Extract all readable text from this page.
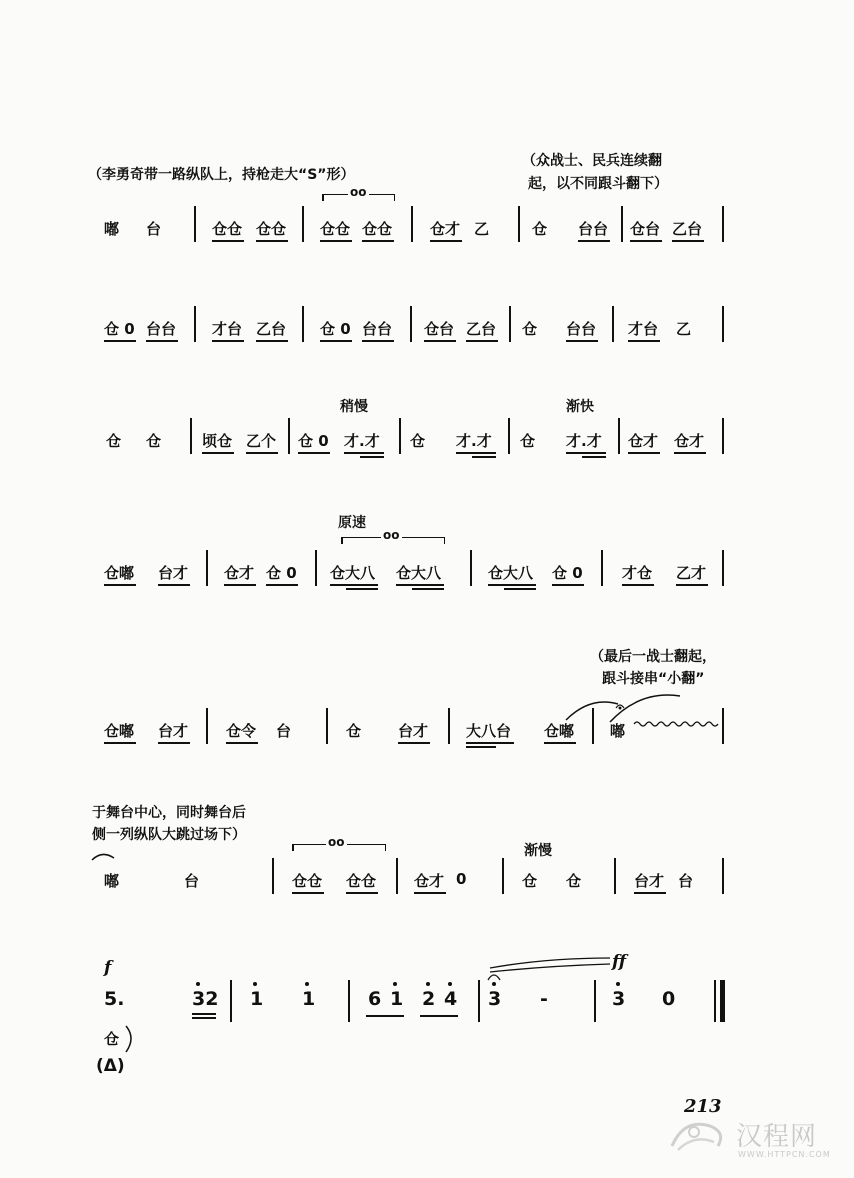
（李勇奇带一路纵队上，持枪走大“S”形）
（众战士、民兵连续翻
起，以不同跟斗翻下）
oo
嘟 台	仓仓 仓仓 仓仓 仓仓	仓才 乙	仓 台台 仓台 乙台
仓 0 台台 才台 乙台 仓 0 台台 仓台 乙台 仓 台台 才台 乙
稍慢	渐快
仓 仓	顷仓 乙个 仓 0 才.才 仓 才.才 仓 才.才 仓才 仓才
原速
oo
仓嘟 台才 仓才 仓 0 仓大八 仓大八	仓大八 仓 0	才仓 乙才
（最后一战士翻起，
跟斗接串“小翻”
仓嘟 台才	仓令 台	仓 台才	大八台 仓嘟 嘟
于舞台中心，同时舞台后
侧一列纵队大跳过场下）
渐慢
oo
嘟	台	仓仓 仓仓	仓才 0	仓 仓	台才 台
f	ff
5.	32 1 1	6 1 2 4 3 -	3 0
仓
(Δ)
213
汉程网
WWW.HTTPCN.COM
